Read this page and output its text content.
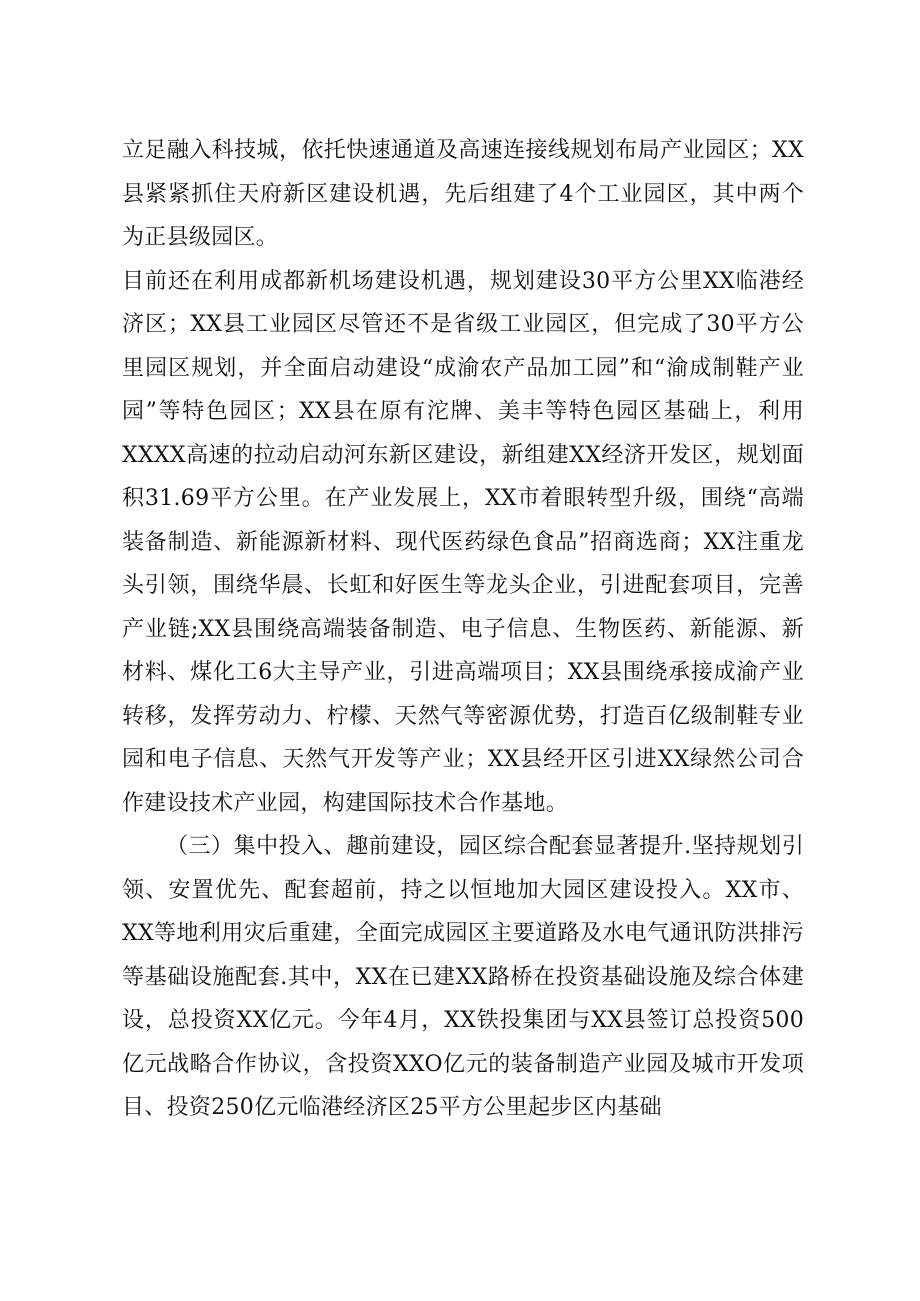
立足融入科技城，依托快速通道及高速连接线规划布局产业园区；XX县紧紧抓住天府新区建设机遇，先后组建了4个工业园区，其中两个为正县级园区。

目前还在利用成都新机场建设机遇，规划建设30平方公里XX临港经济区；XX县工业园区尽管还不是省级工业园区，但完成了30平方公里园区规划，并全面启动建设“成渝农产品加工园”和“渝成制鞋产业园”等特色园区；XX县在原有沱牌、美丰等特色园区基础上，利用XXXX高速的拉动启动河东新区建设，新组建XX经济开发区，规划面积31.69平方公里。在产业发展上，XX市着眼转型升级，围绕“高端装备制造、新能源新材料、现代医药绿色食品”招商选商；XX注重龙头引领，围绕华晨、长虹和好医生等龙头企业，引进配套项目，完善产业链;XX县围绕高端装备制造、电子信息、生物医药、新能源、新材料、煤化工6大主导产业，引进高端项目；XX县围绕承接成渝产业转移，发挥劳动力、柠檬、天然气等密源优势，打造百亿级制鞋专业园和电子信息、天然气开发等产业；XX县经开区引进XX绿然公司合作建设技术产业园，构建国际技术合作基地。

（三）集中投入、趣前建设，园区综合配套显著提升.坚持规划引领、安置优先、配套超前，持之以恒地加大园区建设投入。XX市、XX等地利用灾后重建，全面完成园区主要道路及水电气通讯防洪排污等基础设施配套.其中，XX在已建XX路桥在投资基础设施及综合体建设，总投资XX亿元。今年4月，XX铁投集团与XX县签订总投资500亿元战略合作协议，含投资XXO亿元的装备制造产业园及城市开发项目、投资250亿元临港经济区25平方公里起步区内基础
